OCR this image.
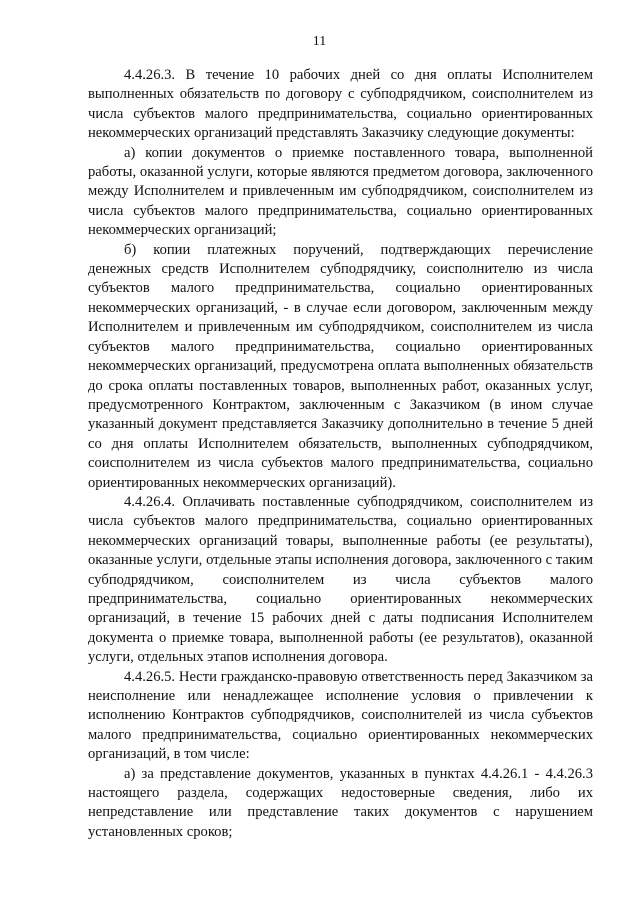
11

4.4.26.3. В течение 10 рабочих дней со дня оплаты Исполнителем выполненных обязательств по договору с субподрядчиком, соисполнителем из числа субъектов малого предпринимательства, социально ориентированных некоммерческих организаций представлять Заказчику следующие документы:

а) копии документов о приемке поставленного товара, выполненной работы, оказанной услуги, которые являются предметом договора, заключенного между Исполнителем и привлеченным им субподрядчиком, соисполнителем из числа субъектов малого предпринимательства, социально ориентированных некоммерческих организаций;

б) копии платежных поручений, подтверждающих перечисление денежных средств Исполнителем субподрядчику, соисполнителю из числа субъектов малого предпринимательства, социально ориентированных некоммерческих организаций, - в случае если договором, заключенным между Исполнителем и привлеченным им субподрядчиком, соисполнителем из числа субъектов малого предпринимательства, социально ориентированных некоммерческих организаций, предусмотрена оплата выполненных обязательств до срока оплаты поставленных товаров, выполненных работ, оказанных услуг, предусмотренного Контрактом, заключенным с Заказчиком (в ином случае указанный документ представляется Заказчику дополнительно в течение 5 дней со дня оплаты Исполнителем обязательств, выполненных субподрядчиком, соисполнителем из числа субъектов малого предпринимательства, социально ориентированных некоммерческих организаций).

4.4.26.4. Оплачивать поставленные субподрядчиком, соисполнителем из числа субъектов малого предпринимательства, социально ориентированных некоммерческих организаций товары, выполненные работы (ее результаты), оказанные услуги, отдельные этапы исполнения договора, заключенного с таким субподрядчиком, соисполнителем из числа субъектов малого предпринимательства, социально ориентированных некоммерческих организаций, в течение 15 рабочих дней с даты подписания Исполнителем документа о приемке товара, выполненной работы (ее результатов), оказанной услуги, отдельных этапов исполнения договора.

4.4.26.5. Нести гражданско-правовую ответственность перед Заказчиком за неисполнение или ненадлежащее исполнение условия о привлечении к исполнению Контрактов субподрядчиков, соисполнителей из числа субъектов малого предпринимательства, социально ориентированных некоммерческих организаций, в том числе:

а) за представление документов, указанных в пунктах 4.4.26.1 - 4.4.26.3 настоящего раздела, содержащих недостоверные сведения, либо их непредставление или представление таких документов с нарушением установленных сроков;
